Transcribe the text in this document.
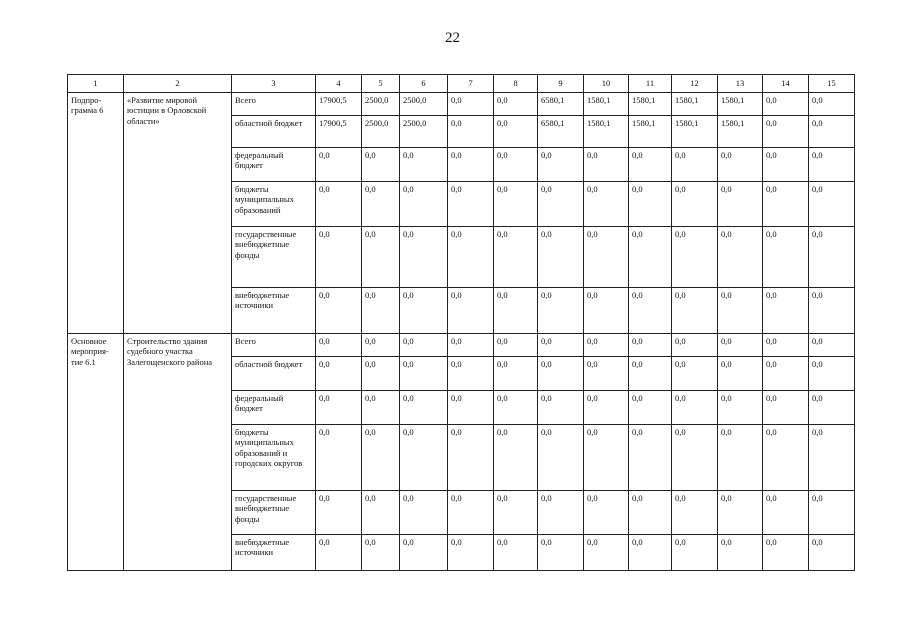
22
1	2	3	4	5	6	7	8	9	10	11	12	13	14	15
Подпро-
грамма 6	«Развитие мировой юстиции в Орловской области»	Всего	17900,5	2500,0	2500,0	0,0	0,0	6580,1	1580,1	1580,1	1580,1	1580,1	0,0	0,0
		областной бюджет	17900,5	2500,0	2500,0	0,0	0,0	6580,1	1580,1	1580,1	1580,1	1580,1	0,0	0,0
		федеральный бюджет	0,0	0,0	0,0	0,0	0,0	0,0	0,0	0,0	0,0	0,0	0,0	0,0
		бюджеты муниципальных образований	0,0	0,0	0,0	0,0	0,0	0,0	0,0	0,0	0,0	0,0	0,0	0,0
		государственные внебюджетные фонды	0,0	0,0	0,0	0,0	0,0	0,0	0,0	0,0	0,0	0,0	0,0	0,0
		внебюджетные источники	0,0	0,0	0,0	0,0	0,0	0,0	0,0	0,0	0,0	0,0	0,0	0,0
Основное мероприя-
тие 6.1	Строительство здания судебного участка Залегощенского района	Всего	0,0	0,0	0,0	0,0	0,0	0,0	0,0	0,0	0,0	0,0	0,0	0,0
		областной бюджет	0,0	0,0	0,0	0,0	0,0	0,0	0,0	0,0	0,0	0,0	0,0	0,0
		федеральный бюджет	0,0	0,0	0,0	0,0	0,0	0,0	0,0	0,0	0,0	0,0	0,0	0,0
		бюджеты муниципальных образований и городских округов	0,0	0,0	0,0	0,0	0,0	0,0	0,0	0,0	0,0	0,0	0,0	0,0
		государственные внебюджетные фонды	0,0	0,0	0,0	0,0	0,0	0,0	0,0	0,0	0,0	0,0	0,0	0,0
		внебюджетные источники	0,0	0,0	0,0	0,0	0,0	0,0	0,0	0,0	0,0	0,0	0,0	0,0
